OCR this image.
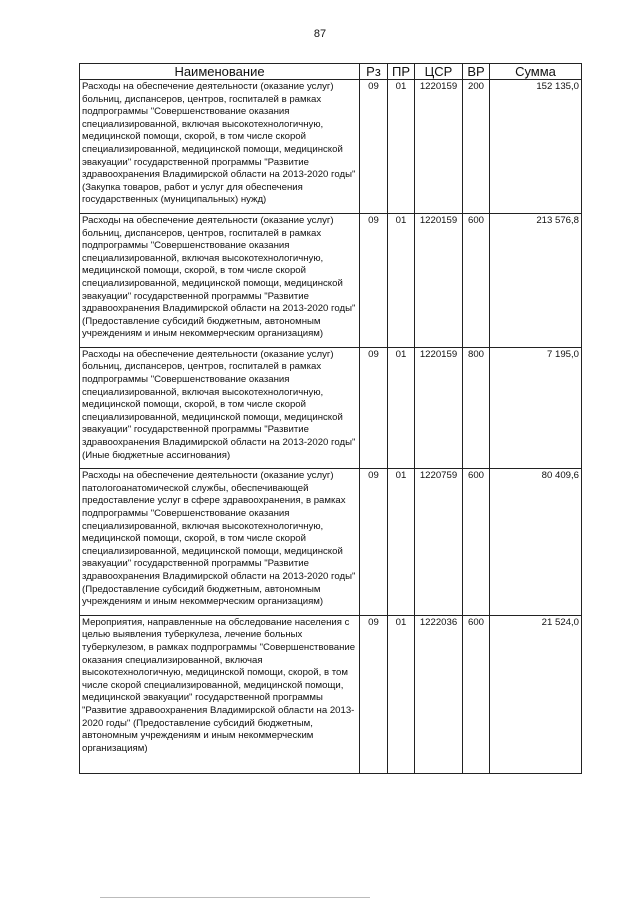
87
Наименование	Рз	ПР	ЦСР	ВР	Сумма
Расходы на обеспечение деятельности (оказание услуг) больниц, диспансеров, центров, госпиталей в рамках подпрограммы "Совершенствование оказания специализированной, включая высокотехнологичную, медицинской помощи, скорой, в том числе скорой специализированной, медицинской помощи, медицинской эвакуации" государственной программы "Развитие здравоохранения Владимирской области на 2013-2020 годы" (Закупка товаров, работ и услуг для обеспечения государственных (муниципальных) нужд)	09	01	1220159	200	152 135,0
Расходы на обеспечение деятельности (оказание услуг) больниц, диспансеров, центров, госпиталей в рамках подпрограммы "Совершенствование оказания специализированной, включая высокотехнологичную, медицинской помощи, скорой, в том числе скорой специализированной, медицинской помощи, медицинской эвакуации" государственной программы "Развитие здравоохранения Владимирской области на 2013-2020 годы" (Предоставление субсидий бюджетным, автономным учреждениям и иным некоммерческим организациям)	09	01	1220159	600	213 576,8
Расходы на обеспечение деятельности (оказание услуг) больниц, диспансеров, центров, госпиталей в рамках подпрограммы "Совершенствование оказания специализированной, включая высокотехнологичную, медицинской помощи, скорой, в том числе скорой специализированной, медицинской помощи, медицинской эвакуации" государственной программы "Развитие здравоохранения Владимирской области на 2013-2020 годы" (Иные бюджетные ассигнования)	09	01	1220159	800	7 195,0
Расходы на обеспечение деятельности (оказание услуг) патологоанатомической службы, обеспечивающей предоставление услуг в сфере здравоохранения, в рамках подпрограммы "Совершенствование оказания специализированной, включая высокотехнологичную, медицинской помощи, скорой, в том числе скорой специализированной, медицинской помощи, медицинской эвакуации" государственной программы "Развитие здравоохранения Владимирской области на 2013-2020 годы" (Предоставление субсидий бюджетным, автономным учреждениям и иным некоммерческим организациям)	09	01	1220759	600	80 409,6
Мероприятия, направленные на обследование населения с целью выявления туберкулеза, лечение больных туберкулезом, в рамках подпрограммы "Совершенствование оказания специализированной, включая высокотехнологичную, медицинской помощи, скорой, в том числе скорой специализированной, медицинской помощи, медицинской эвакуации" государственной программы "Развитие здравоохранения Владимирской области на 2013-2020 годы" (Предоставление субсидий бюджетным, автономным учреждениям и иным некоммерческим организациям)	09	01	1222036	600	21 524,0
